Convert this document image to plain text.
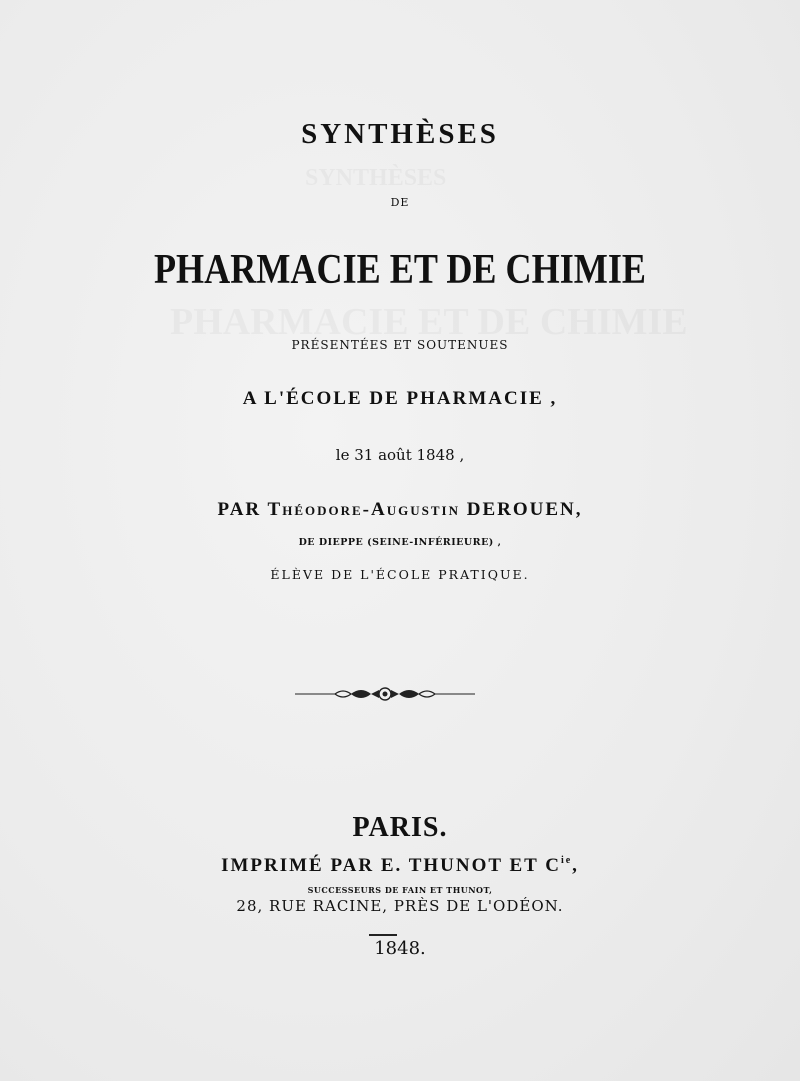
SYNTHÈSES
DE
PHARMACIE ET DE CHIMIE
PRÉSENTÉES ET SOUTENUES
A L'ÉCOLE DE PHARMACIE ,
le 31 août 1848 ,
PAR Théodore-Augustin DEROUEN,
DE DIEPPE (SEINE-INFÉRIEURE) ,
ÉLÈVE DE L'ÉCOLE PRATIQUE.
PARIS.
IMPRIMÉ PAR E. THUNOT ET $C^{ie}$,
SUCCESSEURS DE FAIN ET THUNOT,
28, RUE RACINE, PRÈS DE L'ODÉON.
1848.
